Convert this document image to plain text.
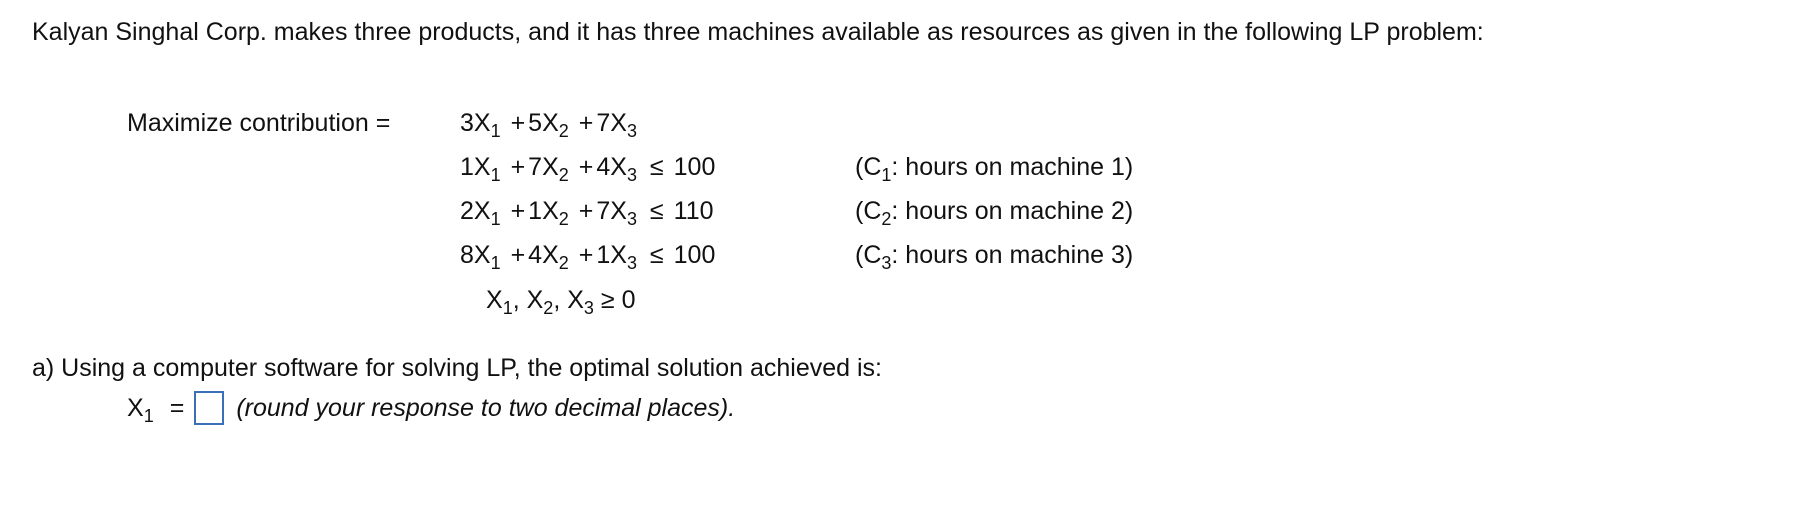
Kalyan Singhal Corp. makes three products, and it has three machines available as resources as given in the following LP problem:
Maximize contribution =	$3X_1 + 5X_2 + 7X_3$
$1X_1 + 7X_2 + 4X_3 \le 100$
$2X_1 + 1X_2 + 7X_3 \le 110$
$8X_1 + 4X_2 + 1X_3 \le 100$
($C_1$: hours on machine 1)
($C_2$: hours on machine 2)
($C_3$: hours on machine 3)
$X_1$, $X_2$, $X_3 \ge 0$
a) Using a computer software for solving LP, the optimal solution achieved is:
$X_1$ = (round your response to two decimal places).
